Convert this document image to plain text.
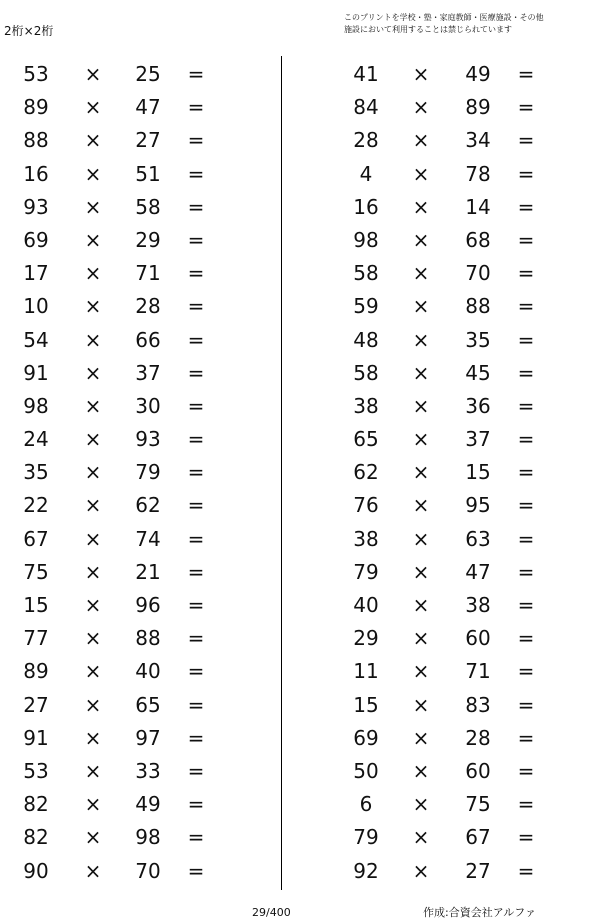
2桁×2桁
このプリントを学校・塾・家庭教師・医療施設・その他
施設において利用することは禁じられています
53	×	25	=
89	×	47	=
88	×	27	=
16	×	51	=
93	×	58	=
69	×	29	=
17	×	71	=
10	×	28	=
54	×	66	=
91	×	37	=
98	×	30	=
24	×	93	=
35	×	79	=
22	×	62	=
67	×	74	=
75	×	21	=
15	×	96	=
77	×	88	=
89	×	40	=
27	×	65	=
91	×	97	=
53	×	33	=
82	×	49	=
82	×	98	=
90	×	70	=
41	×	49	=
84	×	89	=
28	×	34	=
4	×	78	=
16	×	14	=
98	×	68	=
58	×	70	=
59	×	88	=
48	×	35	=
58	×	45	=
38	×	36	=
65	×	37	=
62	×	15	=
76	×	95	=
38	×	63	=
79	×	47	=
40	×	38	=
29	×	60	=
11	×	71	=
15	×	83	=
69	×	28	=
50	×	60	=
6	×	75	=
79	×	67	=
92	×	27	=
29/400	作成:合資会社アルファ
